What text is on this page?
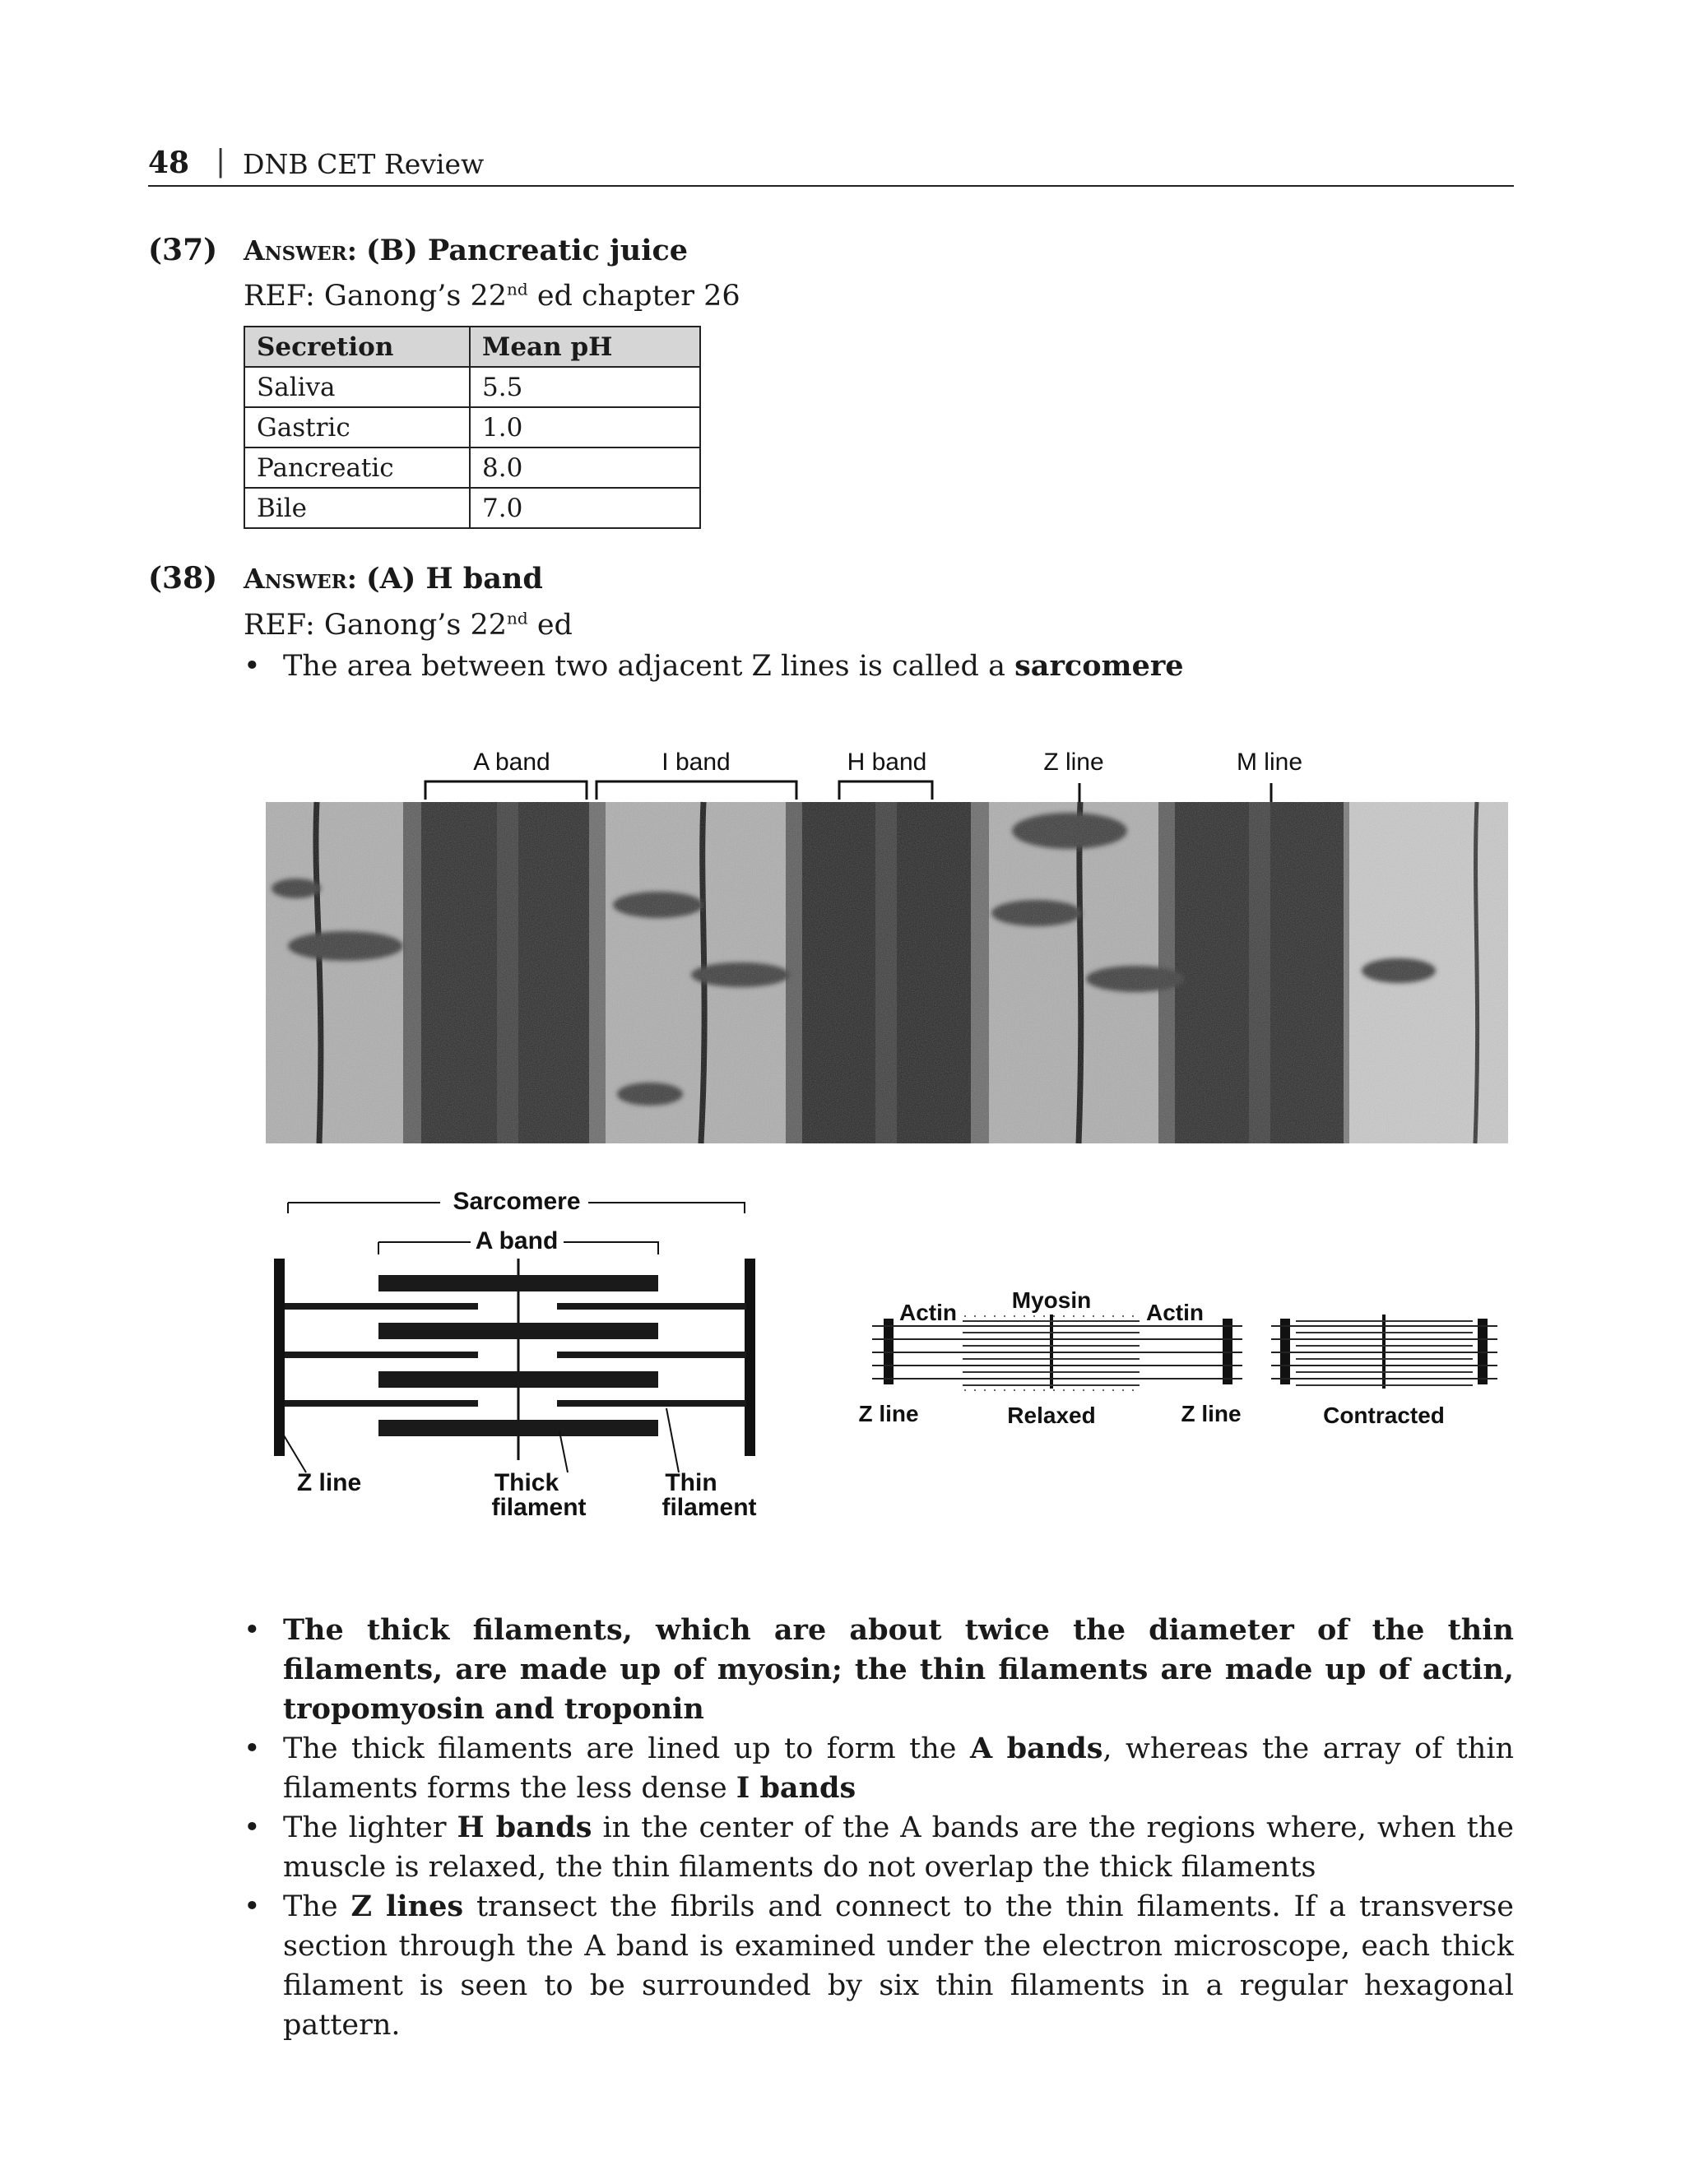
48 | DNB CET Review
(37) Answer: (B) Pancreatic juice
REF: Ganong’s 22nd ed chapter 26
Secretion	Mean pH
Saliva	5.5
Gastric	1.0
Pancreatic	8.0
Bile	7.0
(38) Answer: (A) H band
REF: Ganong’s 22nd ed
• The area between two adjacent Z lines is called a sarcomere
A band	I band	H band	Z line	M line
Sarcomere
A band
Z line	Thick
filament
Thin
filament
Actin Myosin Actin
Z line	Relaxed	Z line	Contracted
• The thick filaments, which are about twice the diameter of the thin filaments, are made up of myosin; the thin filaments are made up of actin, tropomyosin and troponin
• The thick filaments are lined up to form the A bands, whereas the array of thin filaments forms the less dense I bands
• The lighter H bands in the center of the A bands are the regions where, when the muscle is relaxed, the thin filaments do not overlap the thick filaments
• The Z lines transect the fibrils and connect to the thin filaments. If a transverse section through the A band is examined under the electron microscope, each thick filament is seen to be surrounded by six thin filaments in a regular hexagonal pattern.
